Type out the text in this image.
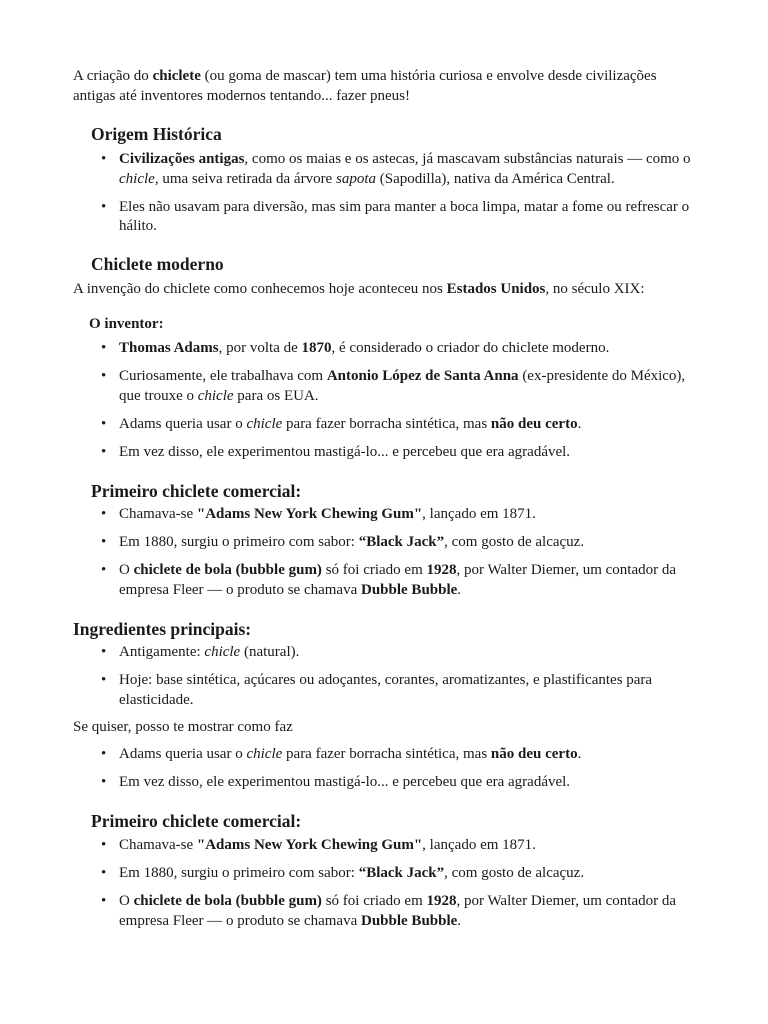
A criação do chiclete (ou goma de mascar) tem uma história curiosa e envolve desde civilizações antigas até inventores modernos tentando... fazer pneus!

Origem Histórica
• Civilizações antigas, como os maias e os astecas, já mascavam substâncias naturais — como o chicle, uma seiva retirada da árvore sapota (Sapodilla), nativa da América Central.
• Eles não usavam para diversão, mas sim para manter a boca limpa, matar a fome ou refrescar o hálito.
Chiclete moderno

A invenção do chiclete como conhecemos hoje aconteceu nos Estados Unidos, no século XIX:

O inventor:
• Thomas Adams, por volta de 1870, é considerado o criador do chiclete moderno.
• Curiosamente, ele trabalhava com Antonio López de Santa Anna (ex-presidente do México), que trouxe o chicle para os EUA.
• Adams queria usar o chicle para fazer borracha sintética, mas não deu certo.
• Em vez disso, ele experimentou mastigá-lo... e percebeu que era agradável.
Primeiro chiclete comercial:
• Chamava-se "Adams New York Chewing Gum", lançado em 1871.
• Em 1880, surgiu o primeiro com sabor: “Black Jack”, com gosto de alcaçuz.
• O chiclete de bola (bubble gum) só foi criado em 1928, por Walter Diemer, um contador da empresa Fleer — o produto se chamava Dubble Bubble.
Ingredientes principais:
• Antigamente: chicle (natural).
• Hoje: base sintética, açúcares ou adoçantes, corantes, aromatizantes, e plastificantes para elasticidade.

Se quiser, posso te mostrar como faz

• Adams queria usar o chicle para fazer borracha sintética, mas não deu certo.
• Em vez disso, ele experimentou mastigá-lo... e percebeu que era agradável.
Primeiro chiclete comercial:
• Chamava-se "Adams New York Chewing Gum", lançado em 1871.
• Em 1880, surgiu o primeiro com sabor: “Black Jack”, com gosto de alcaçuz.
• O chiclete de bola (bubble gum) só foi criado em 1928, por Walter Diemer, um contador da empresa Fleer — o produto se chamava Dubble Bubble.
